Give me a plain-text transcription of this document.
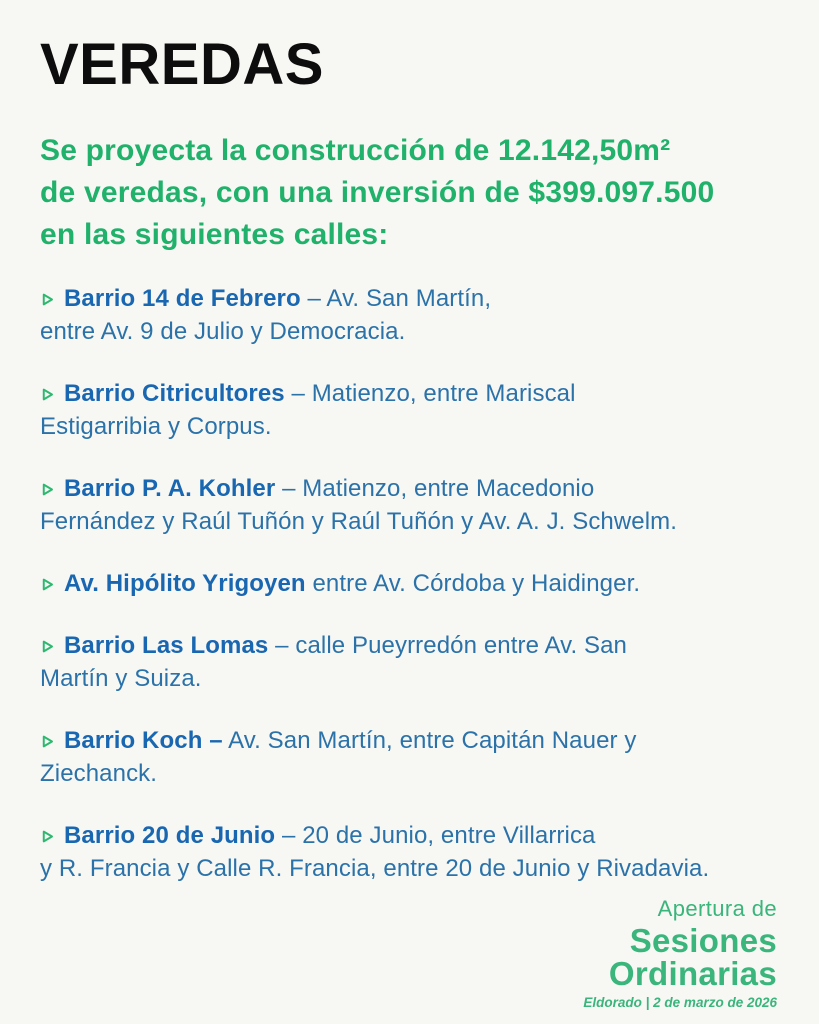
VEREDAS
Se proyecta la construcción de 12.142,50m²
de veredas, con una inversión de $399.097.500
en las siguientes calles:
Barrio 14 de Febrero – Av. San Martín,
entre Av. 9 de Julio y Democracia.
Barrio Citricultores – Matienzo, entre Mariscal
Estigarribia y Corpus.
Barrio P. A. Kohler – Matienzo, entre Macedonio
Fernández y Raúl Tuñón y Raúl Tuñón y Av. A. J. Schwelm.
Av. Hipólito Yrigoyen entre Av. Córdoba y Haidinger.
Barrio Las Lomas – calle Pueyrredón entre Av. San
Martín y Suiza.
Barrio Koch – Av. San Martín, entre Capitán Nauer y
Ziechanck.
Barrio 20 de Junio – 20 de Junio, entre Villarrica
y R. Francia y Calle R. Francia, entre 20 de Junio y Rivadavia.
Apertura de
Sesiones Ordinarias
Eldorado | 2 de marzo de 2026
